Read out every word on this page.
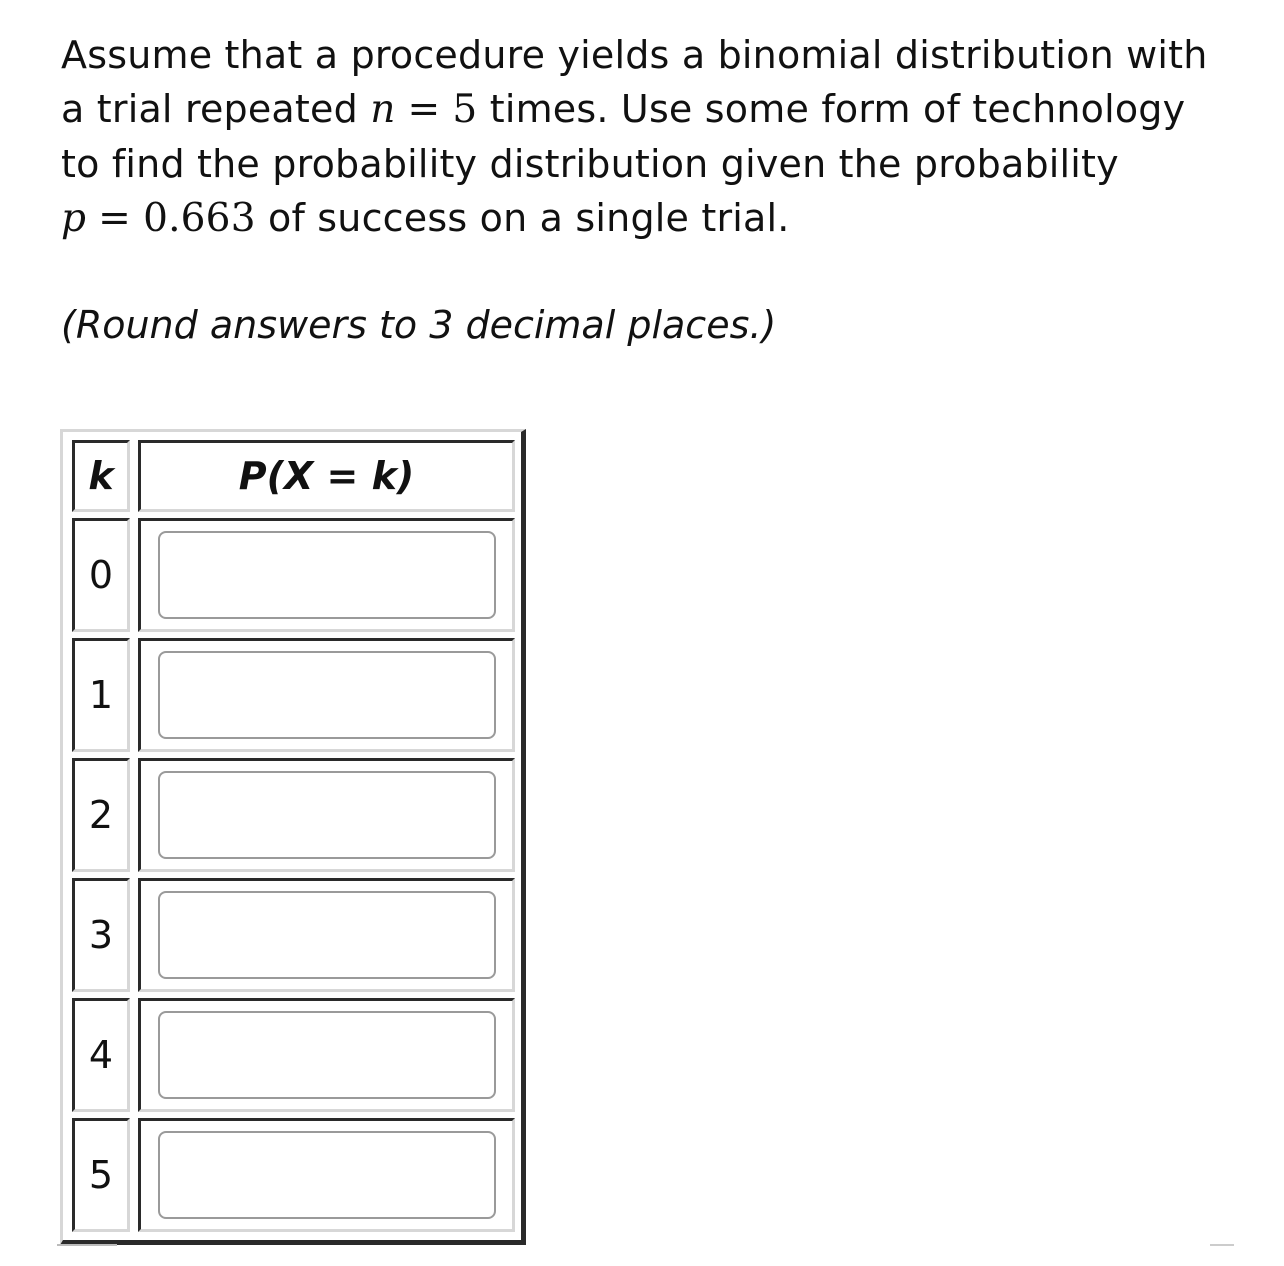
Assume that a procedure yields a binomial distribution with a trial repeated n = 5 times. Use some form of technology to find the probability distribution given the probability p = 0.663 of success on a single trial.
(Round answers to 3 decimal places.)
k	P(X = k)
0
1
2
3
4
5
